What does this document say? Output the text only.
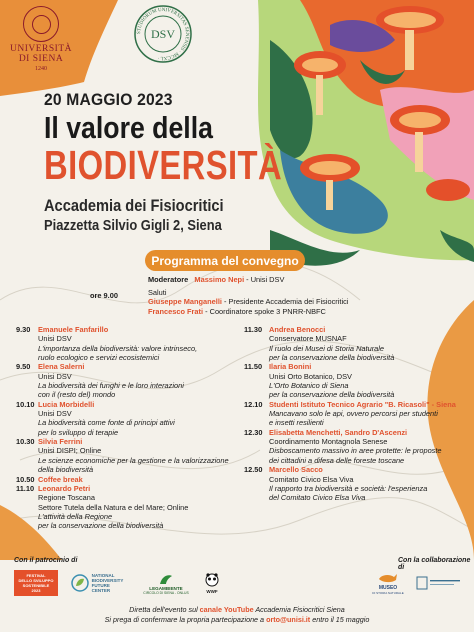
UNIVERSITÀ
DI SIENA
1240
STUDIORUM UNIVERSITAS SENENSIS · MCCXL ·
DSV
20 MAGGIO 2023
Il valore della
BIODIVERSITÀ
Accademia dei Fisiocritici
Piazzetta Silvio Gigli 2, Siena
Programma del convegno
Moderatore Massimo Nepi - Unisi DSV
Saluti
Giuseppe Manganelli - Presidente Accademia dei Fisiocritici
Francesco Frati - Coordinatore spoke 3 PNRR-NBFC
ore 9.00
9.30 Emanuele Fanfarillo
Unisi DSV
L'importanza della biodiversità: valore intrinseco,
ruolo ecologico e servizi ecosistemici
9.50 Elena Salerni
Unisi DSV
La biodiversità dei funghi e le loro interazioni
con il (resto del) mondo
10.10 Lucia Morbidelli
Unisi DSV
La biodiversità come fonte di principi attivi
per lo sviluppo di terapie
10.30 Silvia Ferrini
Unisi DISPI; Online
Le scienze economiche per la gestione e la valorizzazione
della biodiversità
10.50 Coffee break
11.10 Leonardo Petri
Regione Toscana
Settore Tutela della Natura e del Mare; Online
L'attività della Regione
per la conservazione della biodiversità
11.30 Andrea Benocci
Conservatore MUSNAF
Il ruolo dei Musei di Storia Naturale
per la conservazione della biodiversità
11.50 Ilaria Bonini
Unisi Orto Botanico, DSV
L'Orto Botanico di Siena
per la conservazione della biodiversità
12.10 Studenti Istituto Tecnico Agrario "B. Ricasoli" - Siena
Mancavano solo le api, ovvero percorsi per studenti
e insetti resilienti
12.30 Elisabetta Menchetti, Sandro D'Ascenzi
Coordinamento Montagnola Senese
Disboscamento massivo in aree protette: le proposte
dei cittadini a difesa delle foreste toscane
12.50 Marcello Sacco
Comitato Civico Elsa Viva
Il rapporto tra biodiversità e società: l'esperienza
del Comitato Civico Elsa Viva
Con il patrocinio di	Con la collaborazione di
FESTIVAL
DELLO SVILUPPO
SOSTENIBILE
2023
NATIONAL
BIODIVERSITY
FUTURE
CENTER	LEGAMBIENTE
CIRCOLO DI SIENA - ONLUS	WWF	MUSEO
DI STORIA NATURALE
Diretta dell'evento sul canale YouTube Accademia Fisiocritici Siena
Si prega di confermare la propria partecipazione a orto@unisi.it entro il 15 maggio
